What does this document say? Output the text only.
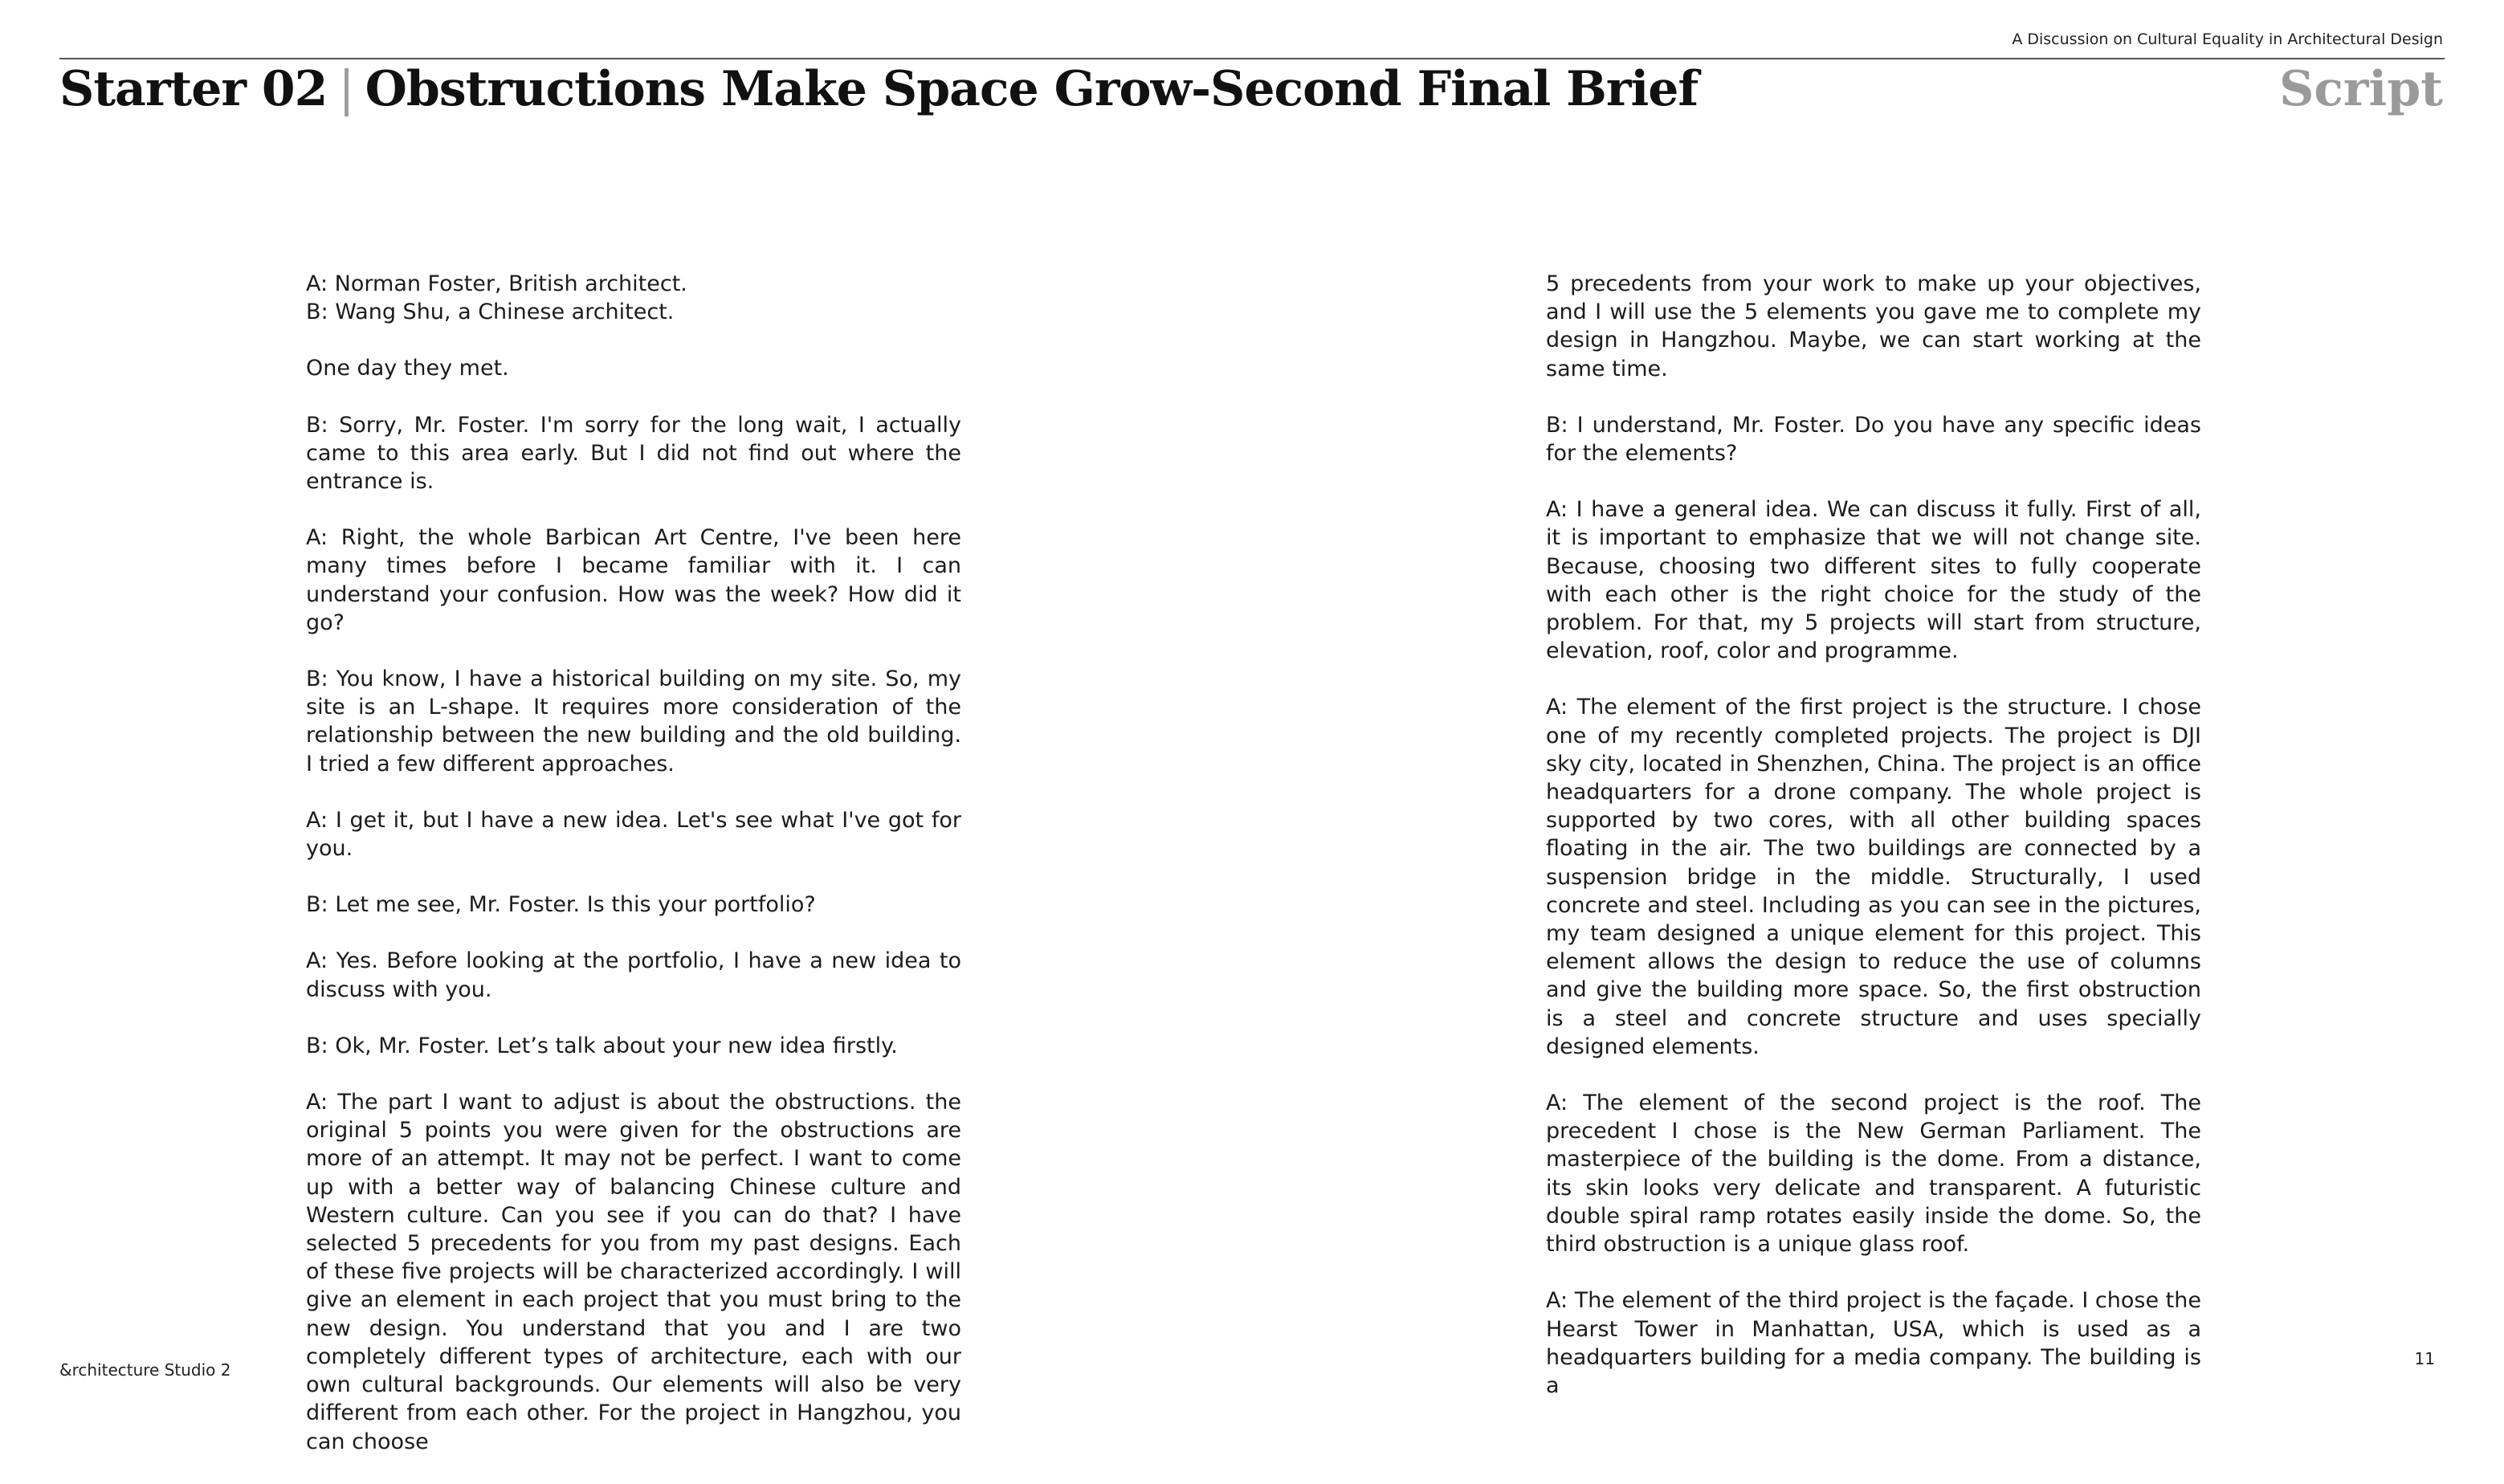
A Discussion on Cultural Equality in Architectural Design
Starter 02 | Obstructions Make Space Grow-Second Final Brief	Script

A: Norman Foster, British architect.

B: Wang Shu, a Chinese architect.

One day they met.

B: Sorry, Mr. Foster. I'm sorry for the long wait, I actually came to this area early. But I did not find out where the entrance is.

A: Right, the whole Barbican Art Centre, I've been here many times before I became familiar with it. I can understand your confusion. How was the week? How did it go?

B: You know, I have a historical building on my site. So, my site is an L-shape. It requires more consideration of the relationship between the new building and the old building. I tried a few different approaches.

A: I get it, but I have a new idea. Let's see what I've got for you.

B: Let me see, Mr. Foster. Is this your portfolio?

A: Yes. Before looking at the portfolio, I have a new idea to discuss with you.

B: Ok, Mr. Foster. Let’s talk about your new idea firstly.

A: The part I want to adjust is about the obstructions. the original 5 points you were given for the obstructions are more of an attempt. It may not be perfect. I want to come up with a better way of balancing Chinese culture and Western culture. Can you see if you can do that? I have selected 5 precedents for you from my past designs. Each of these five projects will be characterized accordingly. I will give an element in each project that you must bring to the new design. You understand that you and I are two completely different types of architecture, each with our own cultural backgrounds. Our elements will also be very different from each other. For the project in Hangzhou, you can choose

5 precedents from your work to make up your objectives, and I will use the 5 elements you gave me to complete my design in Hangzhou. Maybe, we can start working at the same time.

B: I understand, Mr. Foster. Do you have any specific ideas for the elements?

A: I have a general idea. We can discuss it fully. First of all, it is important to emphasize that we will not change site. Because, choosing two different sites to fully cooperate with each other is the right choice for the study of the problem. For that, my 5 projects will start from structure, elevation, roof, color and programme.

A: The element of the first project is the structure. I chose one of my recently completed projects. The project is DJI sky city, located in Shenzhen, China. The project is an office headquarters for a drone company. The whole project is supported by two cores, with all other building spaces floating in the air. The two buildings are connected by a suspension bridge in the middle. Structurally, I used concrete and steel. Including as you can see in the pictures, my team designed a unique element for this project. This element allows the design to reduce the use of columns and give the building more space. So, the first obstruction is a steel and concrete structure and uses specially designed elements.

A: The element of the second project is the roof. The precedent I chose is the New German Parliament. The masterpiece of the building is the dome. From a distance, its skin looks very delicate and transparent. A futuristic double spiral ramp rotates easily inside the dome. So, the third obstruction is a unique glass roof.

A: The element of the third project is the façade. I chose the Hearst Tower in Manhattan, USA, which is used as a headquarters building for a media company. The building is a

&rchitecture Studio 2
11
